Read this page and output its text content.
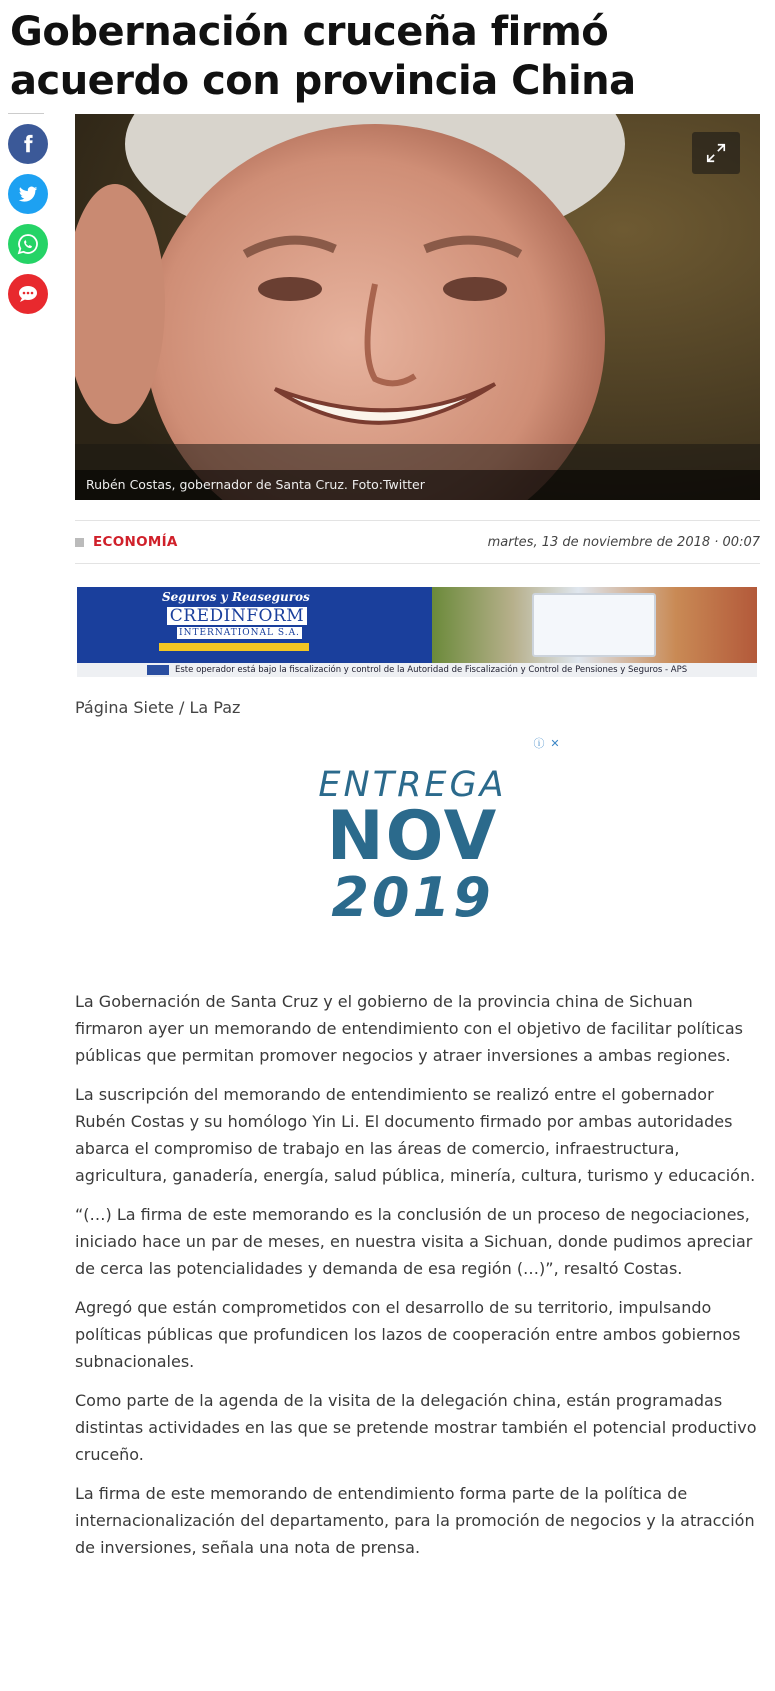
Gobernación cruceña firmó acuerdo con provincia China
Rubén Costas, gobernador de Santa Cruz. Foto:Twitter
ECONOMÍA	martes, 13 de noviembre de 2018 · 00:07
Seguros y Reaseguros
CREDINFORM
INTERNATIONAL S.A.
Este operador está bajo la fiscalización y control de la Autoridad de Fiscalización y Control de Pensiones y Seguros - APS
Página Siete / La Paz
ⓘ ✕
ENTREGA
NOV
2019

La Gobernación de Santa Cruz y el gobierno de la provincia china de Sichuan firmaron ayer un memorando de entendimiento con el objetivo de facilitar políticas públicas que permitan promover negocios y atraer inversiones a ambas regiones.

La suscripción del memorando de entendimiento se realizó entre el gobernador Rubén Costas y su homólogo Yin Li. El documento firmado por ambas autoridades abarca el compromiso de trabajo en las áreas de comercio, infraestructura, agricultura, ganadería, energía, salud pública, minería, cultura, turismo y educación.

“(…) La firma de este memorando es la conclusión de un proceso de negociaciones, iniciado hace un par de meses, en nuestra visita a Sichuan, donde pudimos apreciar de cerca las potencialidades y demanda de esa región (…)”, resaltó Costas.

Agregó que están comprometidos con el desarrollo de su territorio, impulsando políticas públicas que profundicen los lazos de cooperación entre ambos gobiernos subnacionales.

Como parte de la agenda de la visita de la delegación china, están programadas distintas actividades en las que se pretende mostrar también el potencial productivo cruceño.

La firma de este memorando de entendimiento forma parte de la política de internacionalización del departamento, para la promoción de negocios y la atracción de inversiones, señala una nota de prensa.
